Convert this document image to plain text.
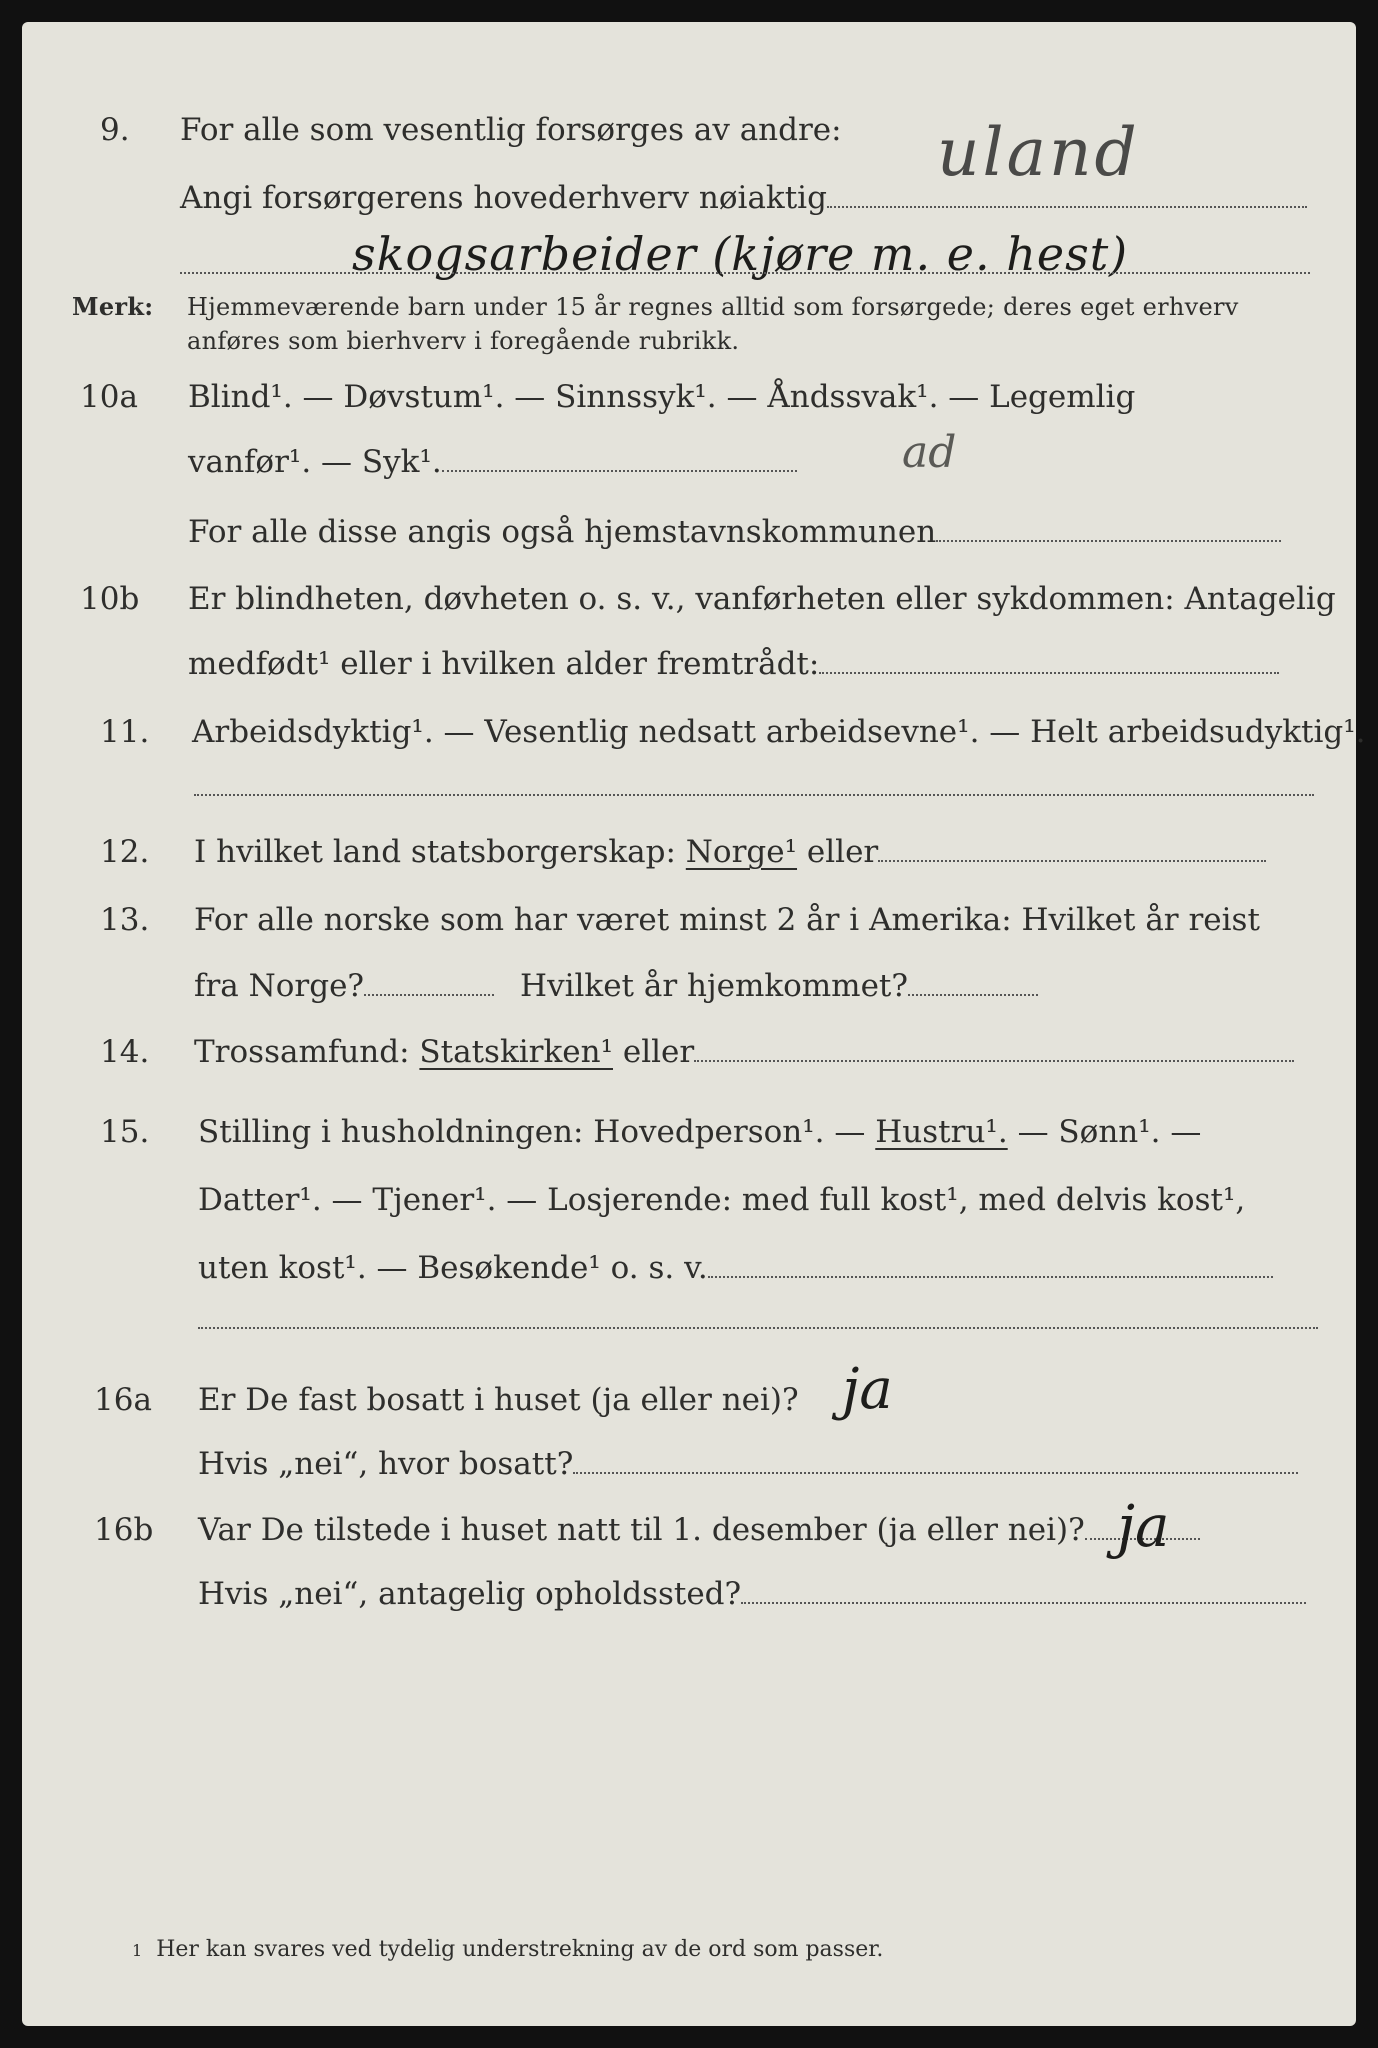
9. For alle som vesentlig forsørges av andre:
Angi forsørgerens hovederhverv nøiaktig
uland
skogsarbeider (kjøre m. e. hest)
Merk: Hjemmeværende barn under 15 år regnes alltid som forsørgede; deres eget erhverv
anføres som bierhverv i foregående rubrikk.
10a Blind¹. — Døvstum¹. — Sinnssyk¹. — Åndssvak¹. — Legemlig
vanfør¹. — Syk¹.	ad
For alle disse angis også hjemstavnskommunen
10b Er blindheten, døvheten o. s. v., vanførheten eller sykdommen: Antagelig
medfødt¹ eller i hvilken alder fremtrådt:
11. Arbeidsdyktig¹. — Vesentlig nedsatt arbeidsevne¹. — Helt arbeidsudyktig¹.
12. I hvilket land statsborgerskap: Norge¹ eller
13. For alle norske som har været minst 2 år i Amerika: Hvilket år reist
fra Norge?	Hvilket år hjemkommet?
14. Trossamfund: Statskirken¹ eller
15. Stilling i husholdningen: Hovedperson¹. — Hustru¹. — Sønn¹. —
Datter¹. — Tjener¹. — Losjerende: med full kost¹, med delvis kost¹,
uten kost¹. — Besøkende¹ o. s. v.
16a Er De fast bosatt i huset (ja eller nei)? ja
Hvis „nei“, hvor bosatt?
16b Var De tilstede i huset natt til 1. desember (ja eller nei)? ja
Hvis „nei“, antagelig opholdssted?
1 Her kan svares ved tydelig understrekning av de ord som passer.
